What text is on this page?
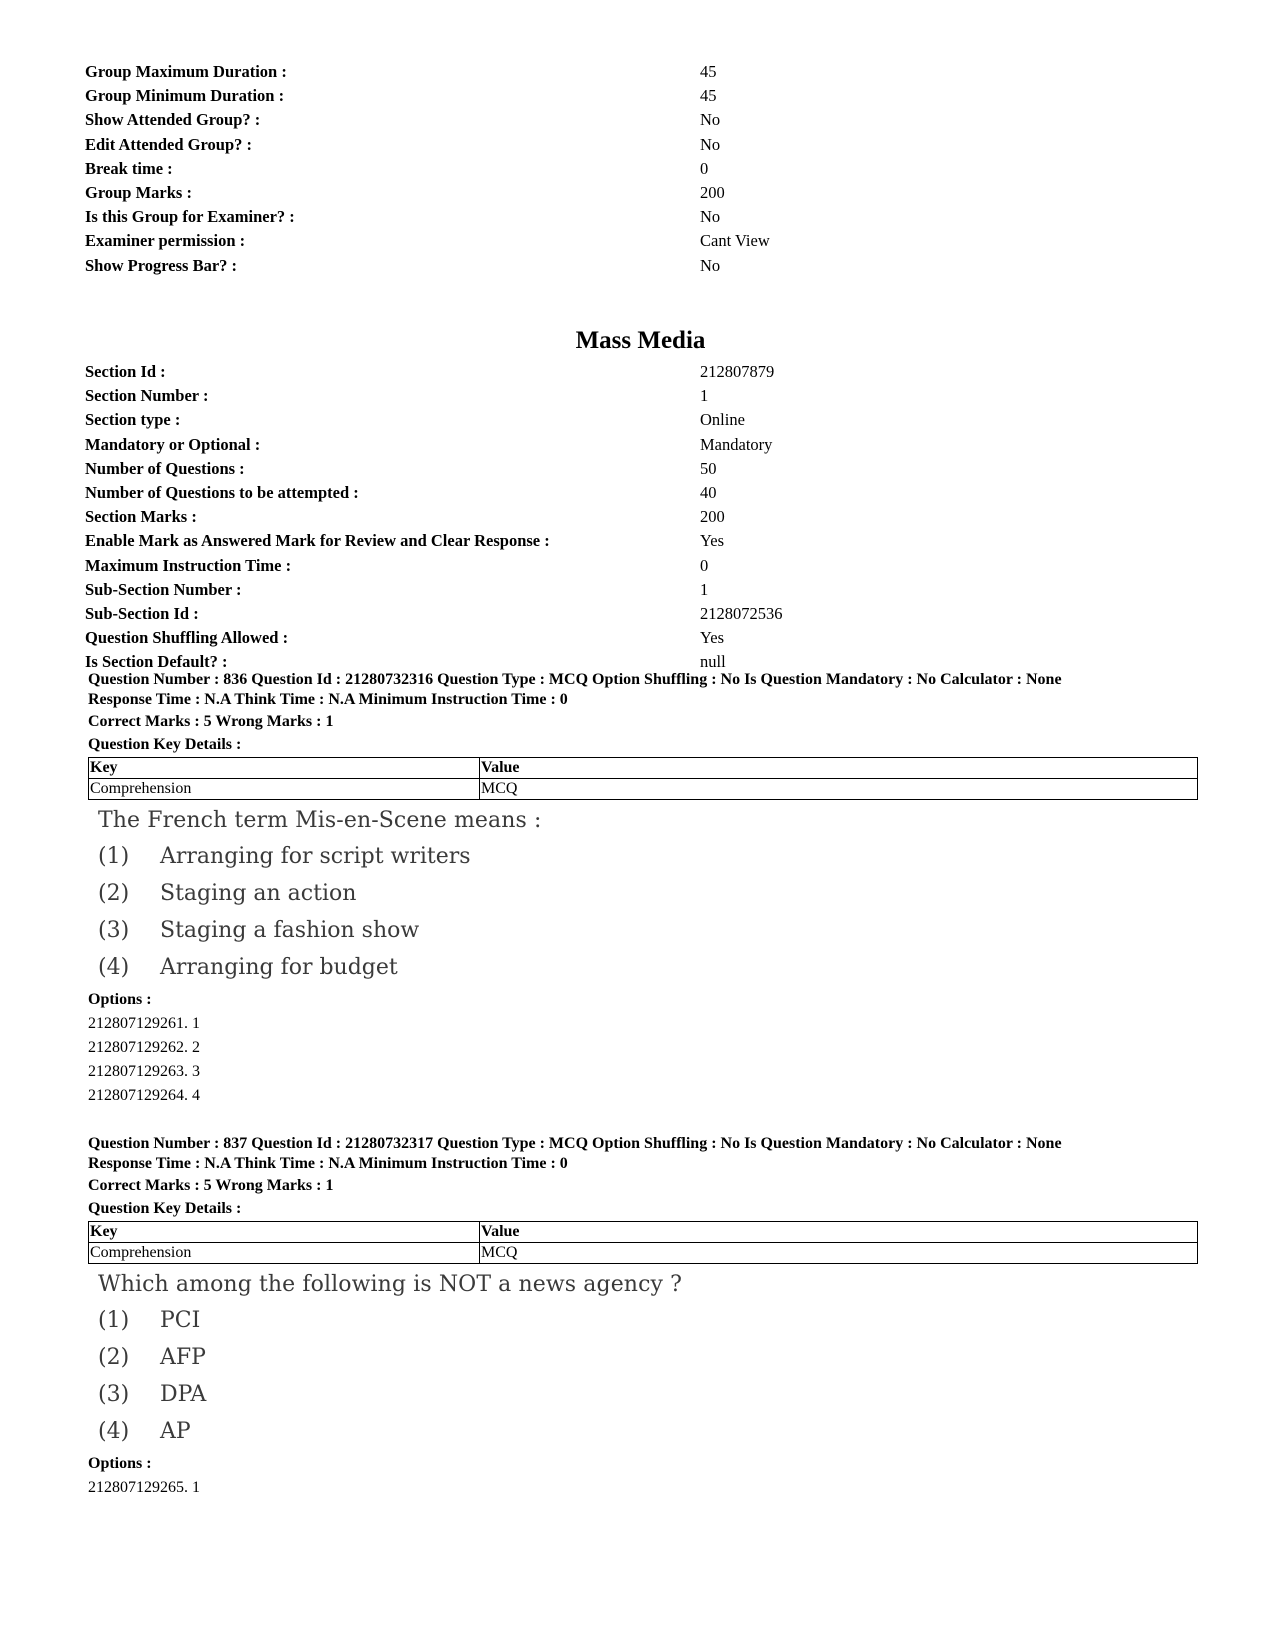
Group Maximum Duration :	45
Group Minimum Duration :	45
Show Attended Group? :	No
Edit Attended Group? :	No
Break time :	0
Group Marks :	200
Is this Group for Examiner? :	No
Examiner permission :	Cant View
Show Progress Bar? :	No
Mass Media
Section Id :	212807879
Section Number :	1
Section type :	Online
Mandatory or Optional :	Mandatory
Number of Questions :	50
Number of Questions to be attempted :	40
Section Marks :	200
Enable Mark as Answered Mark for Review and Clear Response :	Yes
Maximum Instruction Time :	0
Sub-Section Number :	1
Sub-Section Id :	2128072536
Question Shuffling Allowed :	Yes
Is Section Default? :	null
Question Number : 836 Question Id : 21280732316 Question Type : MCQ Option Shuffling : No Is Question Mandatory : No Calculator : None
Response Time : N.A Think Time : N.A Minimum Instruction Time : 0
Correct Marks : 5 Wrong Marks : 1
Question Key Details :
Key	Value
Comprehension	MCQ
The French term Mis-en-Scene means :
(1) Arranging for script writers
(2) Staging an action
(3) Staging a fashion show
(4) Arranging for budget
Options :
212807129261. 1
212807129262. 2
212807129263. 3
212807129264. 4
Question Number : 837 Question Id : 21280732317 Question Type : MCQ Option Shuffling : No Is Question Mandatory : No Calculator : None
Response Time : N.A Think Time : N.A Minimum Instruction Time : 0
Correct Marks : 5 Wrong Marks : 1
Question Key Details :
Key	Value
Comprehension	MCQ
Which among the following is NOT a news agency ?
(1) PCI
(2) AFP
(3) DPA
(4) AP
Options :
212807129265. 1
